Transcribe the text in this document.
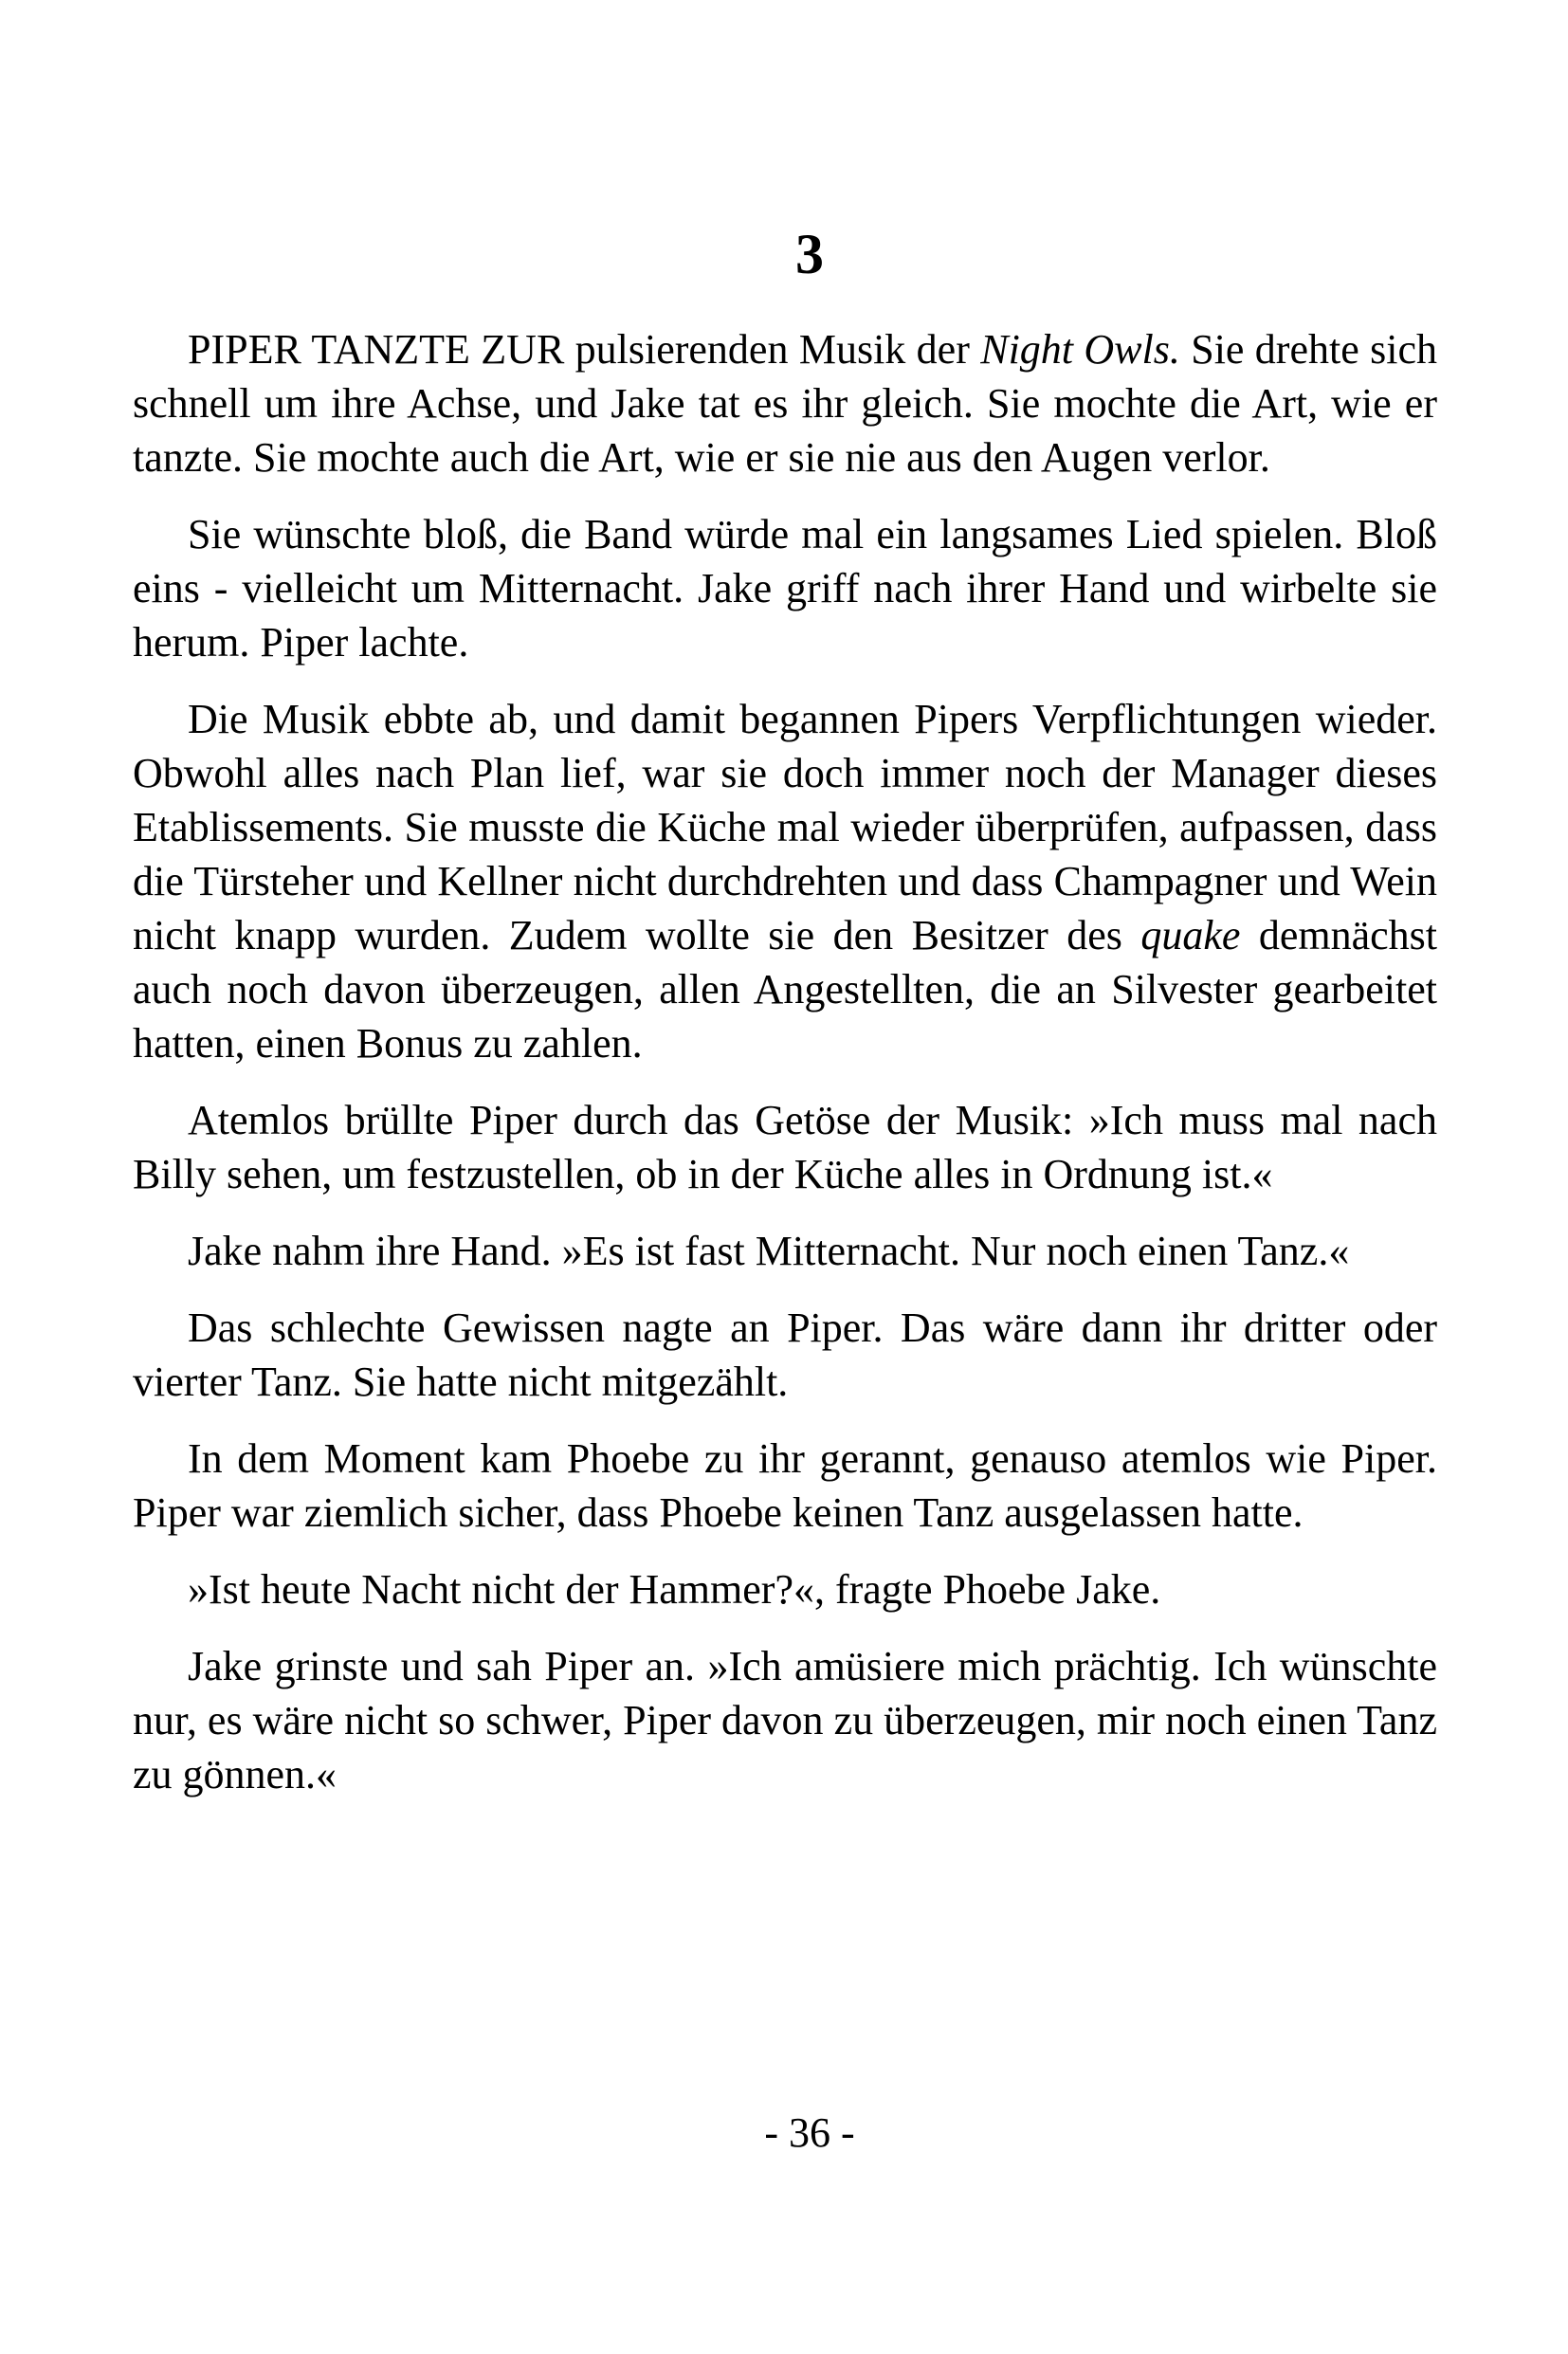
3

PIPER TANZTE ZUR pulsierenden Musik der Night Owls. Sie drehte sich schnell um ihre Achse, und Jake tat es ihr gleich. Sie mochte die Art, wie er tanzte. Sie mochte auch die Art, wie er sie nie aus den Augen verlor.

Sie wünschte bloß, die Band würde mal ein langsames Lied spielen. Bloß eins - vielleicht um Mitternacht. Jake griff nach ihrer Hand und wirbelte sie herum. Piper lachte.

Die Musik ebbte ab, und damit begannen Pipers Verpflichtungen wieder. Obwohl alles nach Plan lief, war sie doch immer noch der Manager dieses Etablissements. Sie musste die Küche mal wieder überprüfen, aufpassen, dass die Türsteher und Kellner nicht durchdrehten und dass Champagner und Wein nicht knapp wurden. Zudem wollte sie den Besitzer des quake demnächst auch noch davon überzeugen, allen Angestellten, die an Silvester gearbeitet hatten, einen Bonus zu zahlen.

Atemlos brüllte Piper durch das Getöse der Musik: »Ich muss mal nach Billy sehen, um festzustellen, ob in der Küche alles in Ordnung ist.«

Jake nahm ihre Hand. »Es ist fast Mitternacht. Nur noch einen Tanz.«

Das schlechte Gewissen nagte an Piper. Das wäre dann ihr dritter oder vierter Tanz. Sie hatte nicht mitgezählt.

In dem Moment kam Phoebe zu ihr gerannt, genauso atemlos wie Piper. Piper war ziemlich sicher, dass Phoebe keinen Tanz ausgelassen hatte.

»Ist heute Nacht nicht der Hammer?«, fragte Phoebe Jake.

Jake grinste und sah Piper an. »Ich amüsiere mich prächtig. Ich wünschte nur, es wäre nicht so schwer, Piper davon zu überzeugen, mir noch einen Tanz zu gönnen.«

- 36 -
